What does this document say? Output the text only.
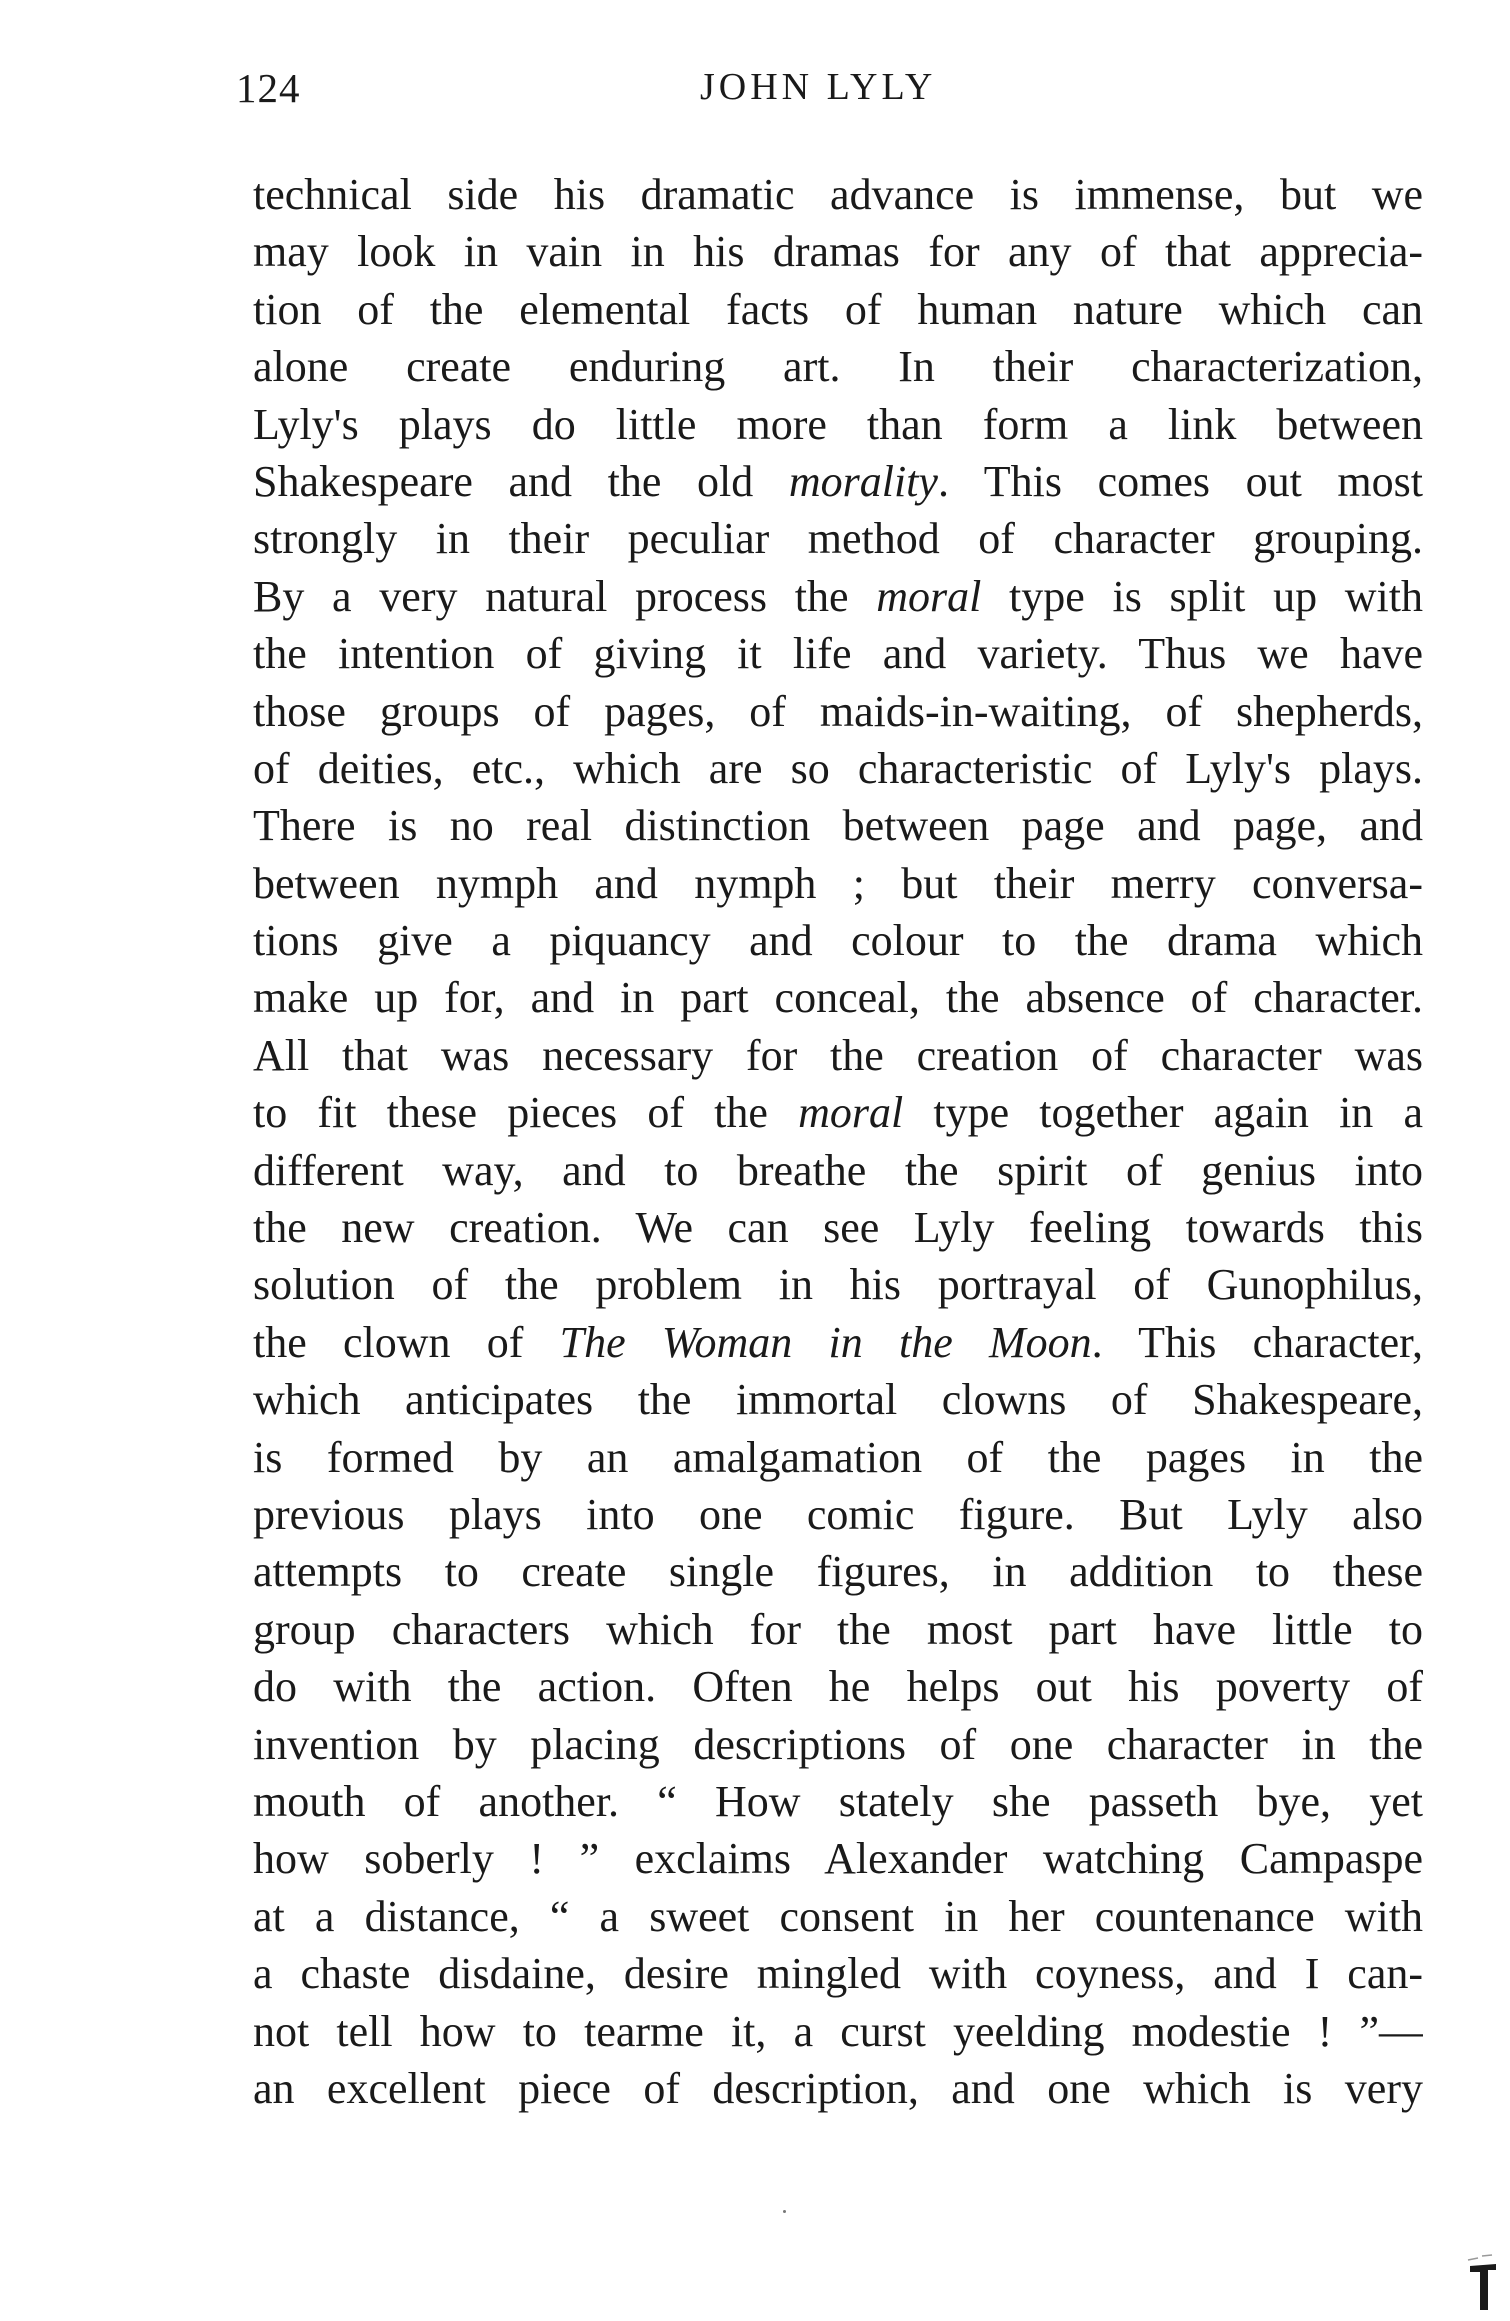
124	JOHN LYLY
technical side his dramatic advance is immense, but we
may look in vain in his dramas for any of that apprecia-
tion of the elemental facts of human nature which can
alone create enduring art. In their characterization,
Lyly's plays do little more than form a link between
Shakespeare and the old morality. This comes out most
strongly in their peculiar method of character grouping.
By a very natural process the moral type is split up with
the intention of giving it life and variety. Thus we have
those groups of pages, of maids-in-waiting, of shepherds,
of deities, etc., which are so characteristic of Lyly's plays.
There is no real distinction between page and page, and
between nymph and nymph ; but their merry conversa-
tions give a piquancy and colour to the drama which
make up for, and in part conceal, the absence of character.
All that was necessary for the creation of character was
to fit these pieces of the moral type together again in a
different way, and to breathe the spirit of genius into
the new creation. We can see Lyly feeling towards this
solution of the problem in his portrayal of Gunophilus,
the clown of The Woman in the Moon. This character,
which anticipates the immortal clowns of Shakespeare,
is formed by an amalgamation of the pages in the
previous plays into one comic figure. But Lyly also
attempts to create single figures, in addition to these
group characters which for the most part have little to
do with the action. Often he helps out his poverty of
invention by placing descriptions of one character in the
mouth of another. “ How stately she passeth bye, yet
how soberly ! ” exclaims Alexander watching Campaspe
at a distance, “ a sweet consent in her countenance with
a chaste disdaine, desire mingled with coyness, and I can-
not tell how to tearme it, a curst yeelding modestie ! ”—
an excellent piece of description, and one which is very
